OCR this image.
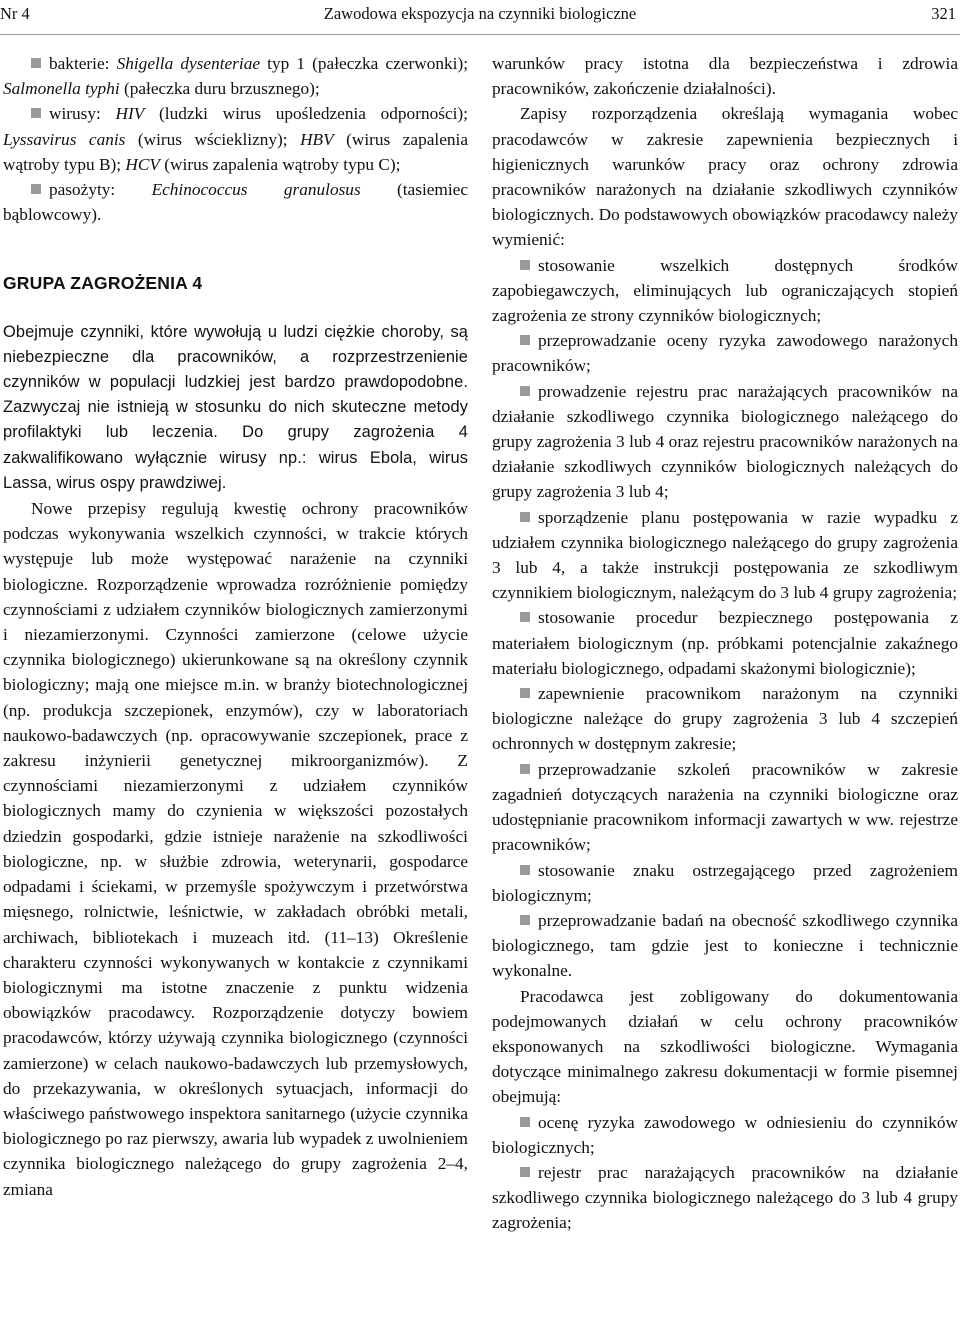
Nr 4	Zawodowa ekspozycja na czynniki biologiczne	321

bakterie: Shigella dysenteriae typ 1 (pałeczka czerwonki); Salmonella typhi (pałeczka duru brzusznego);

wirusy: HIV (ludzki wirus upośledzenia odporności); Lyssavirus canis (wirus wścieklizny); HBV (wirus zapalenia wątroby typu B); HCV (wirus zapalenia wątroby typu C);

pasożyty: Echinococcus granulosus (tasiemiec bąblowcowy).

GRUPA ZAGROŻENIA 4

Obejmuje czynniki, które wywołują u ludzi ciężkie choroby, są niebezpieczne dla pracowników, a rozprzestrzenienie czynników w populacji ludzkiej jest bardzo prawdopodobne. Zazwyczaj nie istnieją w stosunku do nich skuteczne metody profilaktyki lub leczenia. Do grupy zagrożenia 4 zakwalifikowano wyłącznie wirusy np.: wirus Ebola, wirus Lassa, wirus ospy prawdziwej.

Nowe przepisy regulują kwestię ochrony pracowników podczas wykonywania wszelkich czynności, w trakcie których występuje lub może występować narażenie na czynniki biologiczne. Rozporządzenie wprowadza rozróżnienie pomiędzy czynnościami z udziałem czynników biologicznych zamierzonymi i niezamierzonymi. Czynności zamierzone (celowe użycie czynnika biologicznego) ukierunkowane są na określony czynnik biologiczny; mają one miejsce m.in. w branży biotechnologicznej (np. produkcja szczepionek, enzymów), czy w laboratoriach naukowo-badawczych (np. opracowywanie szczepionek, prace z zakresu inżynierii genetycznej mikroorganizmów). Z czynnościami niezamierzonymi z udziałem czynników biologicznych mamy do czynienia w większości pozostałych dziedzin gospodarki, gdzie istnieje narażenie na szkodliwości biologiczne, np. w służbie zdrowia, weterynarii, gospodarce odpadami i ściekami, w przemyśle spożywczym i przetwórstwa mięsnego, rolnictwie, leśnictwie, w zakładach obróbki metali, archiwach, bibliotekach i muzeach itd. (11–13) Określenie charakteru czynności wykonywanych w kontakcie z czynnikami biologicznymi ma istotne znaczenie z punktu widzenia obowiązków pracodawcy. Rozporządzenie dotyczy bowiem pracodawców, którzy używają czynnika biologicznego (czynności zamierzone) w celach naukowo-badawczych lub przemysłowych, do przekazywania, w określonych sytuacjach, informacji do właściwego państwowego inspektora sanitarnego (użycie czynnika biologicznego po raz pierwszy, awaria lub wypadek z uwolnieniem czynnika biologicznego należącego do grupy zagrożenia 2–4, zmiana

warunków pracy istotna dla bezpieczeństwa i zdrowia pracowników, zakończenie działalności).

Zapisy rozporządzenia określają wymagania wobec pracodawców w zakresie zapewnienia bezpiecznych i higienicznych warunków pracy oraz ochrony zdrowia pracowników narażonych na działanie szkodliwych czynników biologicznych. Do podstawowych obowiązków pracodawcy należy wymienić:

stosowanie wszelkich dostępnych środków zapobiegawczych, eliminujących lub ograniczających stopień zagrożenia ze strony czynników biologicznych;

przeprowadzanie oceny ryzyka zawodowego narażonych pracowników;

prowadzenie rejestru prac narażających pracowników na działanie szkodliwego czynnika biologicznego należącego do grupy zagrożenia 3 lub 4 oraz rejestru pracowników narażonych na działanie szkodliwych czynników biologicznych należących do grupy zagrożenia 3 lub 4;

sporządzenie planu postępowania w razie wypadku z udziałem czynnika biologicznego należącego do grupy zagrożenia 3 lub 4, a także instrukcji postępowania ze szkodliwym czynnikiem biologicznym, należącym do 3 lub 4 grupy zagrożenia;

stosowanie procedur bezpiecznego postępowania z materiałem biologicznym (np. próbkami potencjalnie zakaźnego materiału biologicznego, odpadami skażonymi biologicznie);

zapewnienie pracownikom narażonym na czynniki biologiczne należące do grupy zagrożenia 3 lub 4 szczepień ochronnych w dostępnym zakresie;

przeprowadzanie szkoleń pracowników w zakresie zagadnień dotyczących narażenia na czynniki biologiczne oraz udostępnianie pracownikom informacji zawartych w ww. rejestrze pracowników;

stosowanie znaku ostrzegającego przed zagrożeniem biologicznym;

przeprowadzanie badań na obecność szkodliwego czynnika biologicznego, tam gdzie jest to konieczne i technicznie wykonalne.

Pracodawca jest zobligowany do dokumentowania podejmowanych działań w celu ochrony pracowników eksponowanych na szkodliwości biologiczne. Wymagania dotyczące minimalnego zakresu dokumentacji w formie pisemnej obejmują:

ocenę ryzyka zawodowego w odniesieniu do czynników biologicznych;

rejestr prac narażających pracowników na działanie szkodliwego czynnika biologicznego należącego do 3 lub 4 grupy zagrożenia;
